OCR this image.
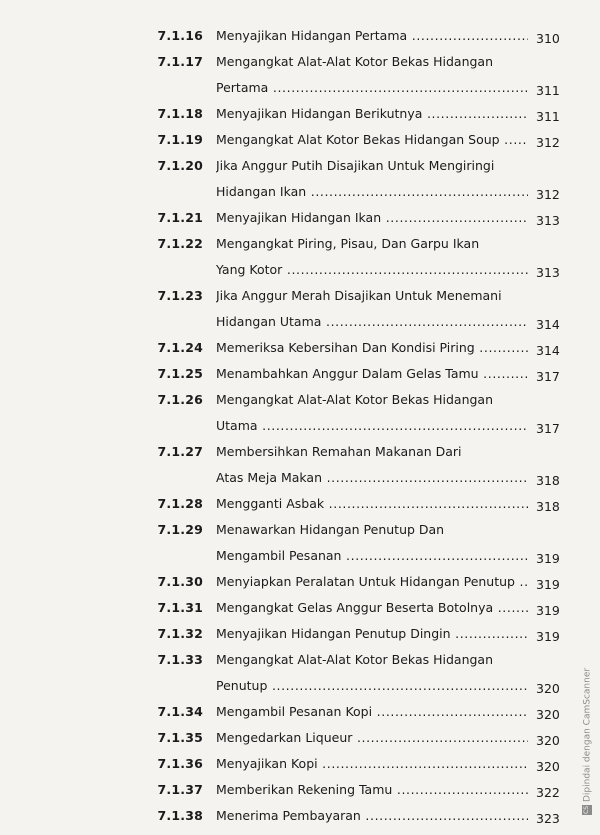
7.1.16 Menyajikan Hidangan Pertama .....	310
7.1.17 Mengangkat Alat-Alat Kotor Bekas Hidangan
Pertama .....	311
7.1.18 Menyajikan Hidangan Berikutnya .....	311
7.1.19 Mengangkat Alat Kotor Bekas Hidangan Soup .....	312
7.1.20 Jika Anggur Putih Disajikan Untuk Mengiringi
Hidangan Ikan .....	312
7.1.21 Menyajikan Hidangan Ikan .....	313
7.1.22 Mengangkat Piring, Pisau, Dan Garpu Ikan
Yang Kotor .....	313
7.1.23 Jika Anggur Merah Disajikan Untuk Menemani
Hidangan Utama .....	314
7.1.24 Memeriksa Kebersihan Dan Kondisi Piring .....	314
7.1.25 Menambahkan Anggur Dalam Gelas Tamu .....	317
7.1.26 Mengangkat Alat-Alat Kotor Bekas Hidangan
Utama .....	317
7.1.27 Membersihkan Remahan Makanan Dari
Atas Meja Makan .....	318
7.1.28 Mengganti Asbak .....	318
7.1.29 Menawarkan Hidangan Penutup Dan
Mengambil Pesanan .....	319
7.1.30 Menyiapkan Peralatan Untuk Hidangan Penutup .....	319
7.1.31 Mengangkat Gelas Anggur Beserta Botolnya .....	319
7.1.32 Menyajikan Hidangan Penutup Dingin .....	319
7.1.33 Mengangkat Alat-Alat Kotor Bekas Hidangan
Penutup .....	320
7.1.34 Mengambil Pesanan Kopi .....	320
7.1.35 Mengedarkan Liqueur .....	320
7.1.36 Menyajikan Kopi .....	320
7.1.37 Memberikan Rekening Tamu .....	322
7.1.38 Menerima Pembayaran .....	323
CSDipindai dengan CamScanner
